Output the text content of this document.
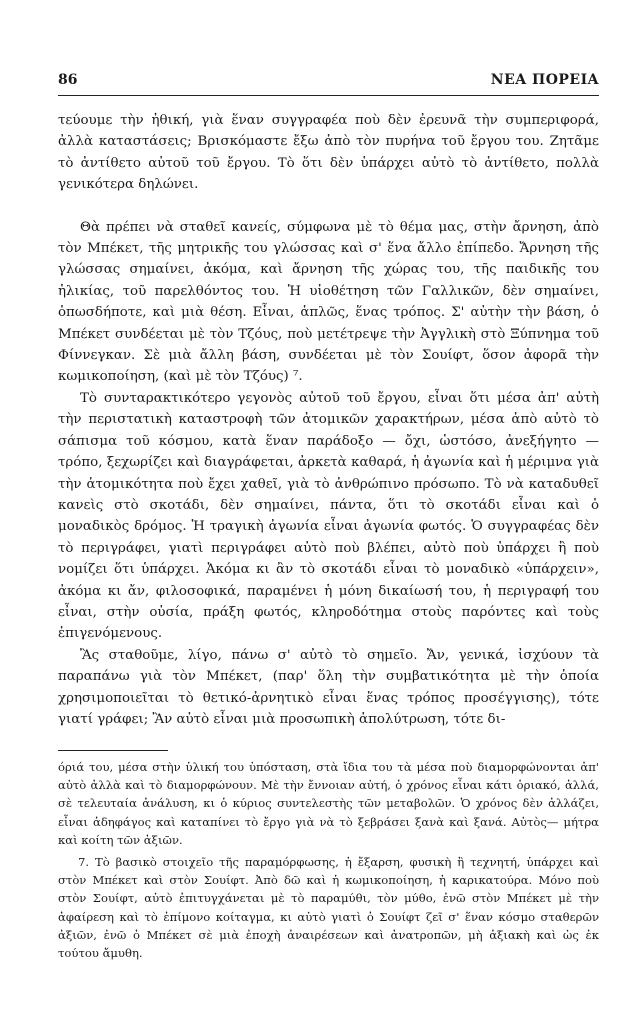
86	ΝΕΑ ΠΟΡΕΙΑ

τεύουμε τὴν ἠθική, γιὰ ἕναν συγγραφέα ποὺ δὲν ἐρευνᾶ τὴν συμπεριφορά, ἀλλὰ καταστάσεις; Βρισκόμαστε ἔξω ἀπὸ τὸν πυρήνα τοῦ ἔργου του. Ζητᾶμε τὸ ἀντίθετο αὐτοῦ τοῦ ἔργου. Τὸ ὅτι δὲν ὑπάρχει αὐτὸ τὸ ἀντίθετο, πολλὰ γενικότερα δηλώνει.

Θὰ πρέπει νὰ σταθεῖ κανείς, σύμφωνα μὲ τὸ θέμα μας, στὴν ἄρνηση, ἀπὸ τὸν Μπέκετ, τῆς μητρικῆς του γλώσσας καὶ σ' ἕνα ἄλλο ἐπίπεδο. Ἄρνηση τῆς γλώσσας σημαίνει, ἀκόμα, καὶ ἄρνηση τῆς χώρας του, τῆς παιδικῆς του ἡλικίας, τοῦ παρελθόντος του. Ἡ υἱοθέτηση τῶν Γαλλικῶν, δὲν σημαίνει, ὁπωσδήποτε, καὶ μιὰ θέση. Εἶναι, ἁπλῶς, ἕνας τρόπος. Σ' αὐτὴν τὴν βάση, ὁ Μπέκετ συνδέεται μὲ τὸν Τζόυς, ποὺ μετέτρεψε τὴν Ἀγγλικὴ στὸ Ξύπνημα τοῦ Φίννεγκαν. Σὲ μιὰ ἄλλη βάση, συνδέεται μὲ τὸν Σουίφτ, ὅσον ἀφορᾶ τὴν κωμικοποίηση, (καὶ μὲ τὸν Τζόυς) ⁷.

Τὸ συνταρακτικότερο γεγονὸς αὐτοῦ τοῦ ἔργου, εἶναι ὅτι μέσα ἀπ' αὐτὴ τὴν περιστατικὴ καταστροφὴ τῶν ἀτομικῶν χαρακτήρων, μέσα ἀπὸ αὐτὸ τὸ σάπισμα τοῦ κόσμου, κατὰ ἕναν παράδοξο — ὄχι, ὡστόσο, ἀνεξήγητο — τρόπο, ξεχωρίζει καὶ διαγράφεται, ἀρκετὰ καθαρά, ἡ ἀγωνία καὶ ἡ μέριμνα γιὰ τὴν ἀτομικότητα ποὺ ἔχει χαθεῖ, γιὰ τὸ ἀνθρώπινο πρόσωπο. Τὸ νὰ καταδυθεῖ κανεὶς στὸ σκοτάδι, δὲν σημαίνει, πάντα, ὅτι τὸ σκοτάδι εἶναι καὶ ὁ μοναδικὸς δρόμος. Ἡ τραγικὴ ἀγωνία εἶναι ἀγωνία φωτός. Ὁ συγγραφέας δὲν τὸ περιγράφει, γιατὶ περιγράφει αὐτὸ ποὺ βλέπει, αὐτὸ ποὺ ὑπάρχει ἢ ποὺ νομίζει ὅτι ὑπάρχει. Ἀκόμα κι ἂν τὸ σκοτάδι εἶναι τὸ μοναδικὸ «ὑπάρχειν», ἀκόμα κι ἄν, φιλοσοφικά, παραμένει ἡ μόνη δικαίωσή του, ἡ περιγραφή του εἶναι, στὴν οὐσία, πράξη φωτός, κληροδότημα στοὺς παρόντες καὶ τοὺς ἐπιγενόμενους.

Ἂς σταθοῦμε, λίγο, πάνω σ' αὐτὸ τὸ σημεῖο. Ἄν, γενικά, ἰσχύουν τὰ παραπάνω γιὰ τὸν Μπέκετ, (παρ' ὅλη τὴν συμβατικότητα μὲ τὴν ὁποία χρησιμοποιεῖται τὸ θετικό-ἀρνητικὸ εἶναι ἕνας τρόπος προσέγγισης), τότε γιατί γράφει; Ἂν αὐτὸ εἶναι μιὰ προσωπικὴ ἀπολύτρωση, τότε δι-

όριά του, μέσα στὴν ὑλική του ὑπόσταση, στὰ ἴδια του τὰ μέσα ποὺ διαμορφώνονται ἀπ' αὐτὸ ἀλλὰ καὶ τὸ διαμορφώνουν. Μὲ τὴν ἔννοιαν αὐτή, ὁ χρόνος εἶναι κάτι ὁριακό, ἀλλά, σὲ τελευταία ἀνάλυση, κι ὁ κύριος συντελεστὴς τῶν μεταβολῶν. Ὁ χρόνος δὲν ἀλλάζει, εἶναι ἀδηφάγος καὶ καταπίνει τὸ ἔργο γιὰ νὰ τὸ ξεβράσει ξανὰ καὶ ξανά. Αὐτὸς— μήτρα καὶ κοίτη τῶν ἀξιῶν.

7. Τὸ βασικὸ στοιχεῖο τῆς παραμόρφωσης, ἡ ἔξαρση, φυσικὴ ἢ τεχνητή, ὑπάρχει καὶ στὸν Μπέκετ καὶ στὸν Σουίφτ. Ἀπὸ δῶ καὶ ἡ κωμικοποίηση, ἡ καρικατούρα. Μόνο ποὺ στὸν Σουίφτ, αὐτὸ ἐπιτυγχάνεται μὲ τὸ παραμύθι, τὸν μύθο, ἐνῶ στὸν Μπέκετ μὲ τὴν ἀφαίρεση καὶ τὸ ἐπίμονο κοίταγμα, κι αὐτὸ γιατὶ ὁ Σουίφτ ζεῖ σ' ἕναν κόσμο σταθερῶν ἀξιῶν, ἐνῶ ὁ Μπέκετ σὲ μιὰ ἐποχὴ ἀναιρέσεων καὶ ἀνατροπῶν, μὴ ἀξιακὴ καὶ ὡς ἐκ τούτου ἄμυθη.
